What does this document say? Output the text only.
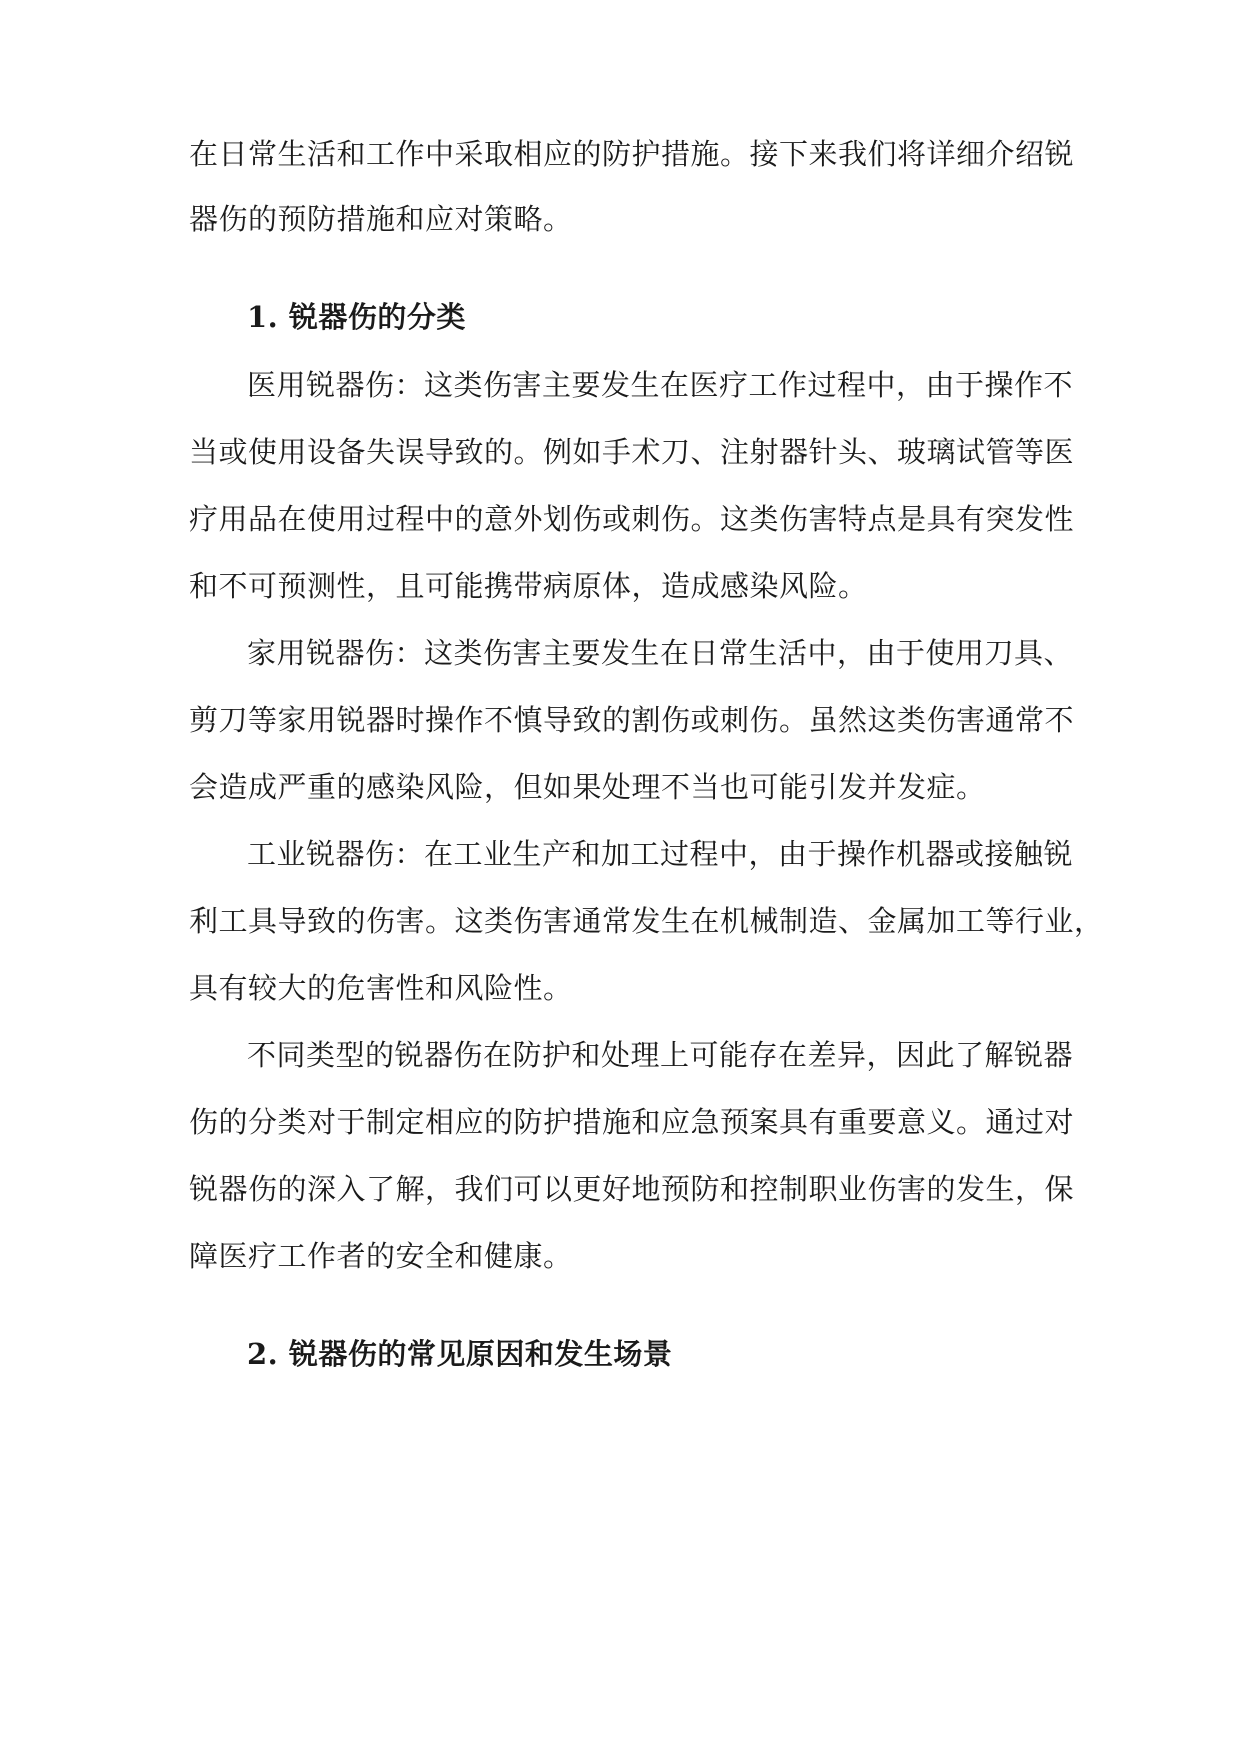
在日常生活和工作中采取相应的防护措施。接下来我们将详细介绍锐
器伤的预防措施和应对策略。
1. 锐器伤的分类
医用锐器伤：这类伤害主要发生在医疗工作过程中，由于操作不
当或使用设备失误导致的。例如手术刀、注射器针头、玻璃试管等医
疗用品在使用过程中的意外划伤或刺伤。这类伤害特点是具有突发性
和不可预测性，且可能携带病原体，造成感染风险。
家用锐器伤：这类伤害主要发生在日常生活中，由于使用刀具、
剪刀等家用锐器时操作不慎导致的割伤或刺伤。虽然这类伤害通常不
会造成严重的感染风险，但如果处理不当也可能引发并发症。
工业锐器伤：在工业生产和加工过程中，由于操作机器或接触锐
利工具导致的伤害。这类伤害通常发生在机械制造、金属加工等行业，
具有较大的危害性和风险性。
不同类型的锐器伤在防护和处理上可能存在差异，因此了解锐器
伤的分类对于制定相应的防护措施和应急预案具有重要意义。通过对
锐器伤的深入了解，我们可以更好地预防和控制职业伤害的发生，保
障医疗工作者的安全和健康。
2. 锐器伤的常见原因和发生场景
